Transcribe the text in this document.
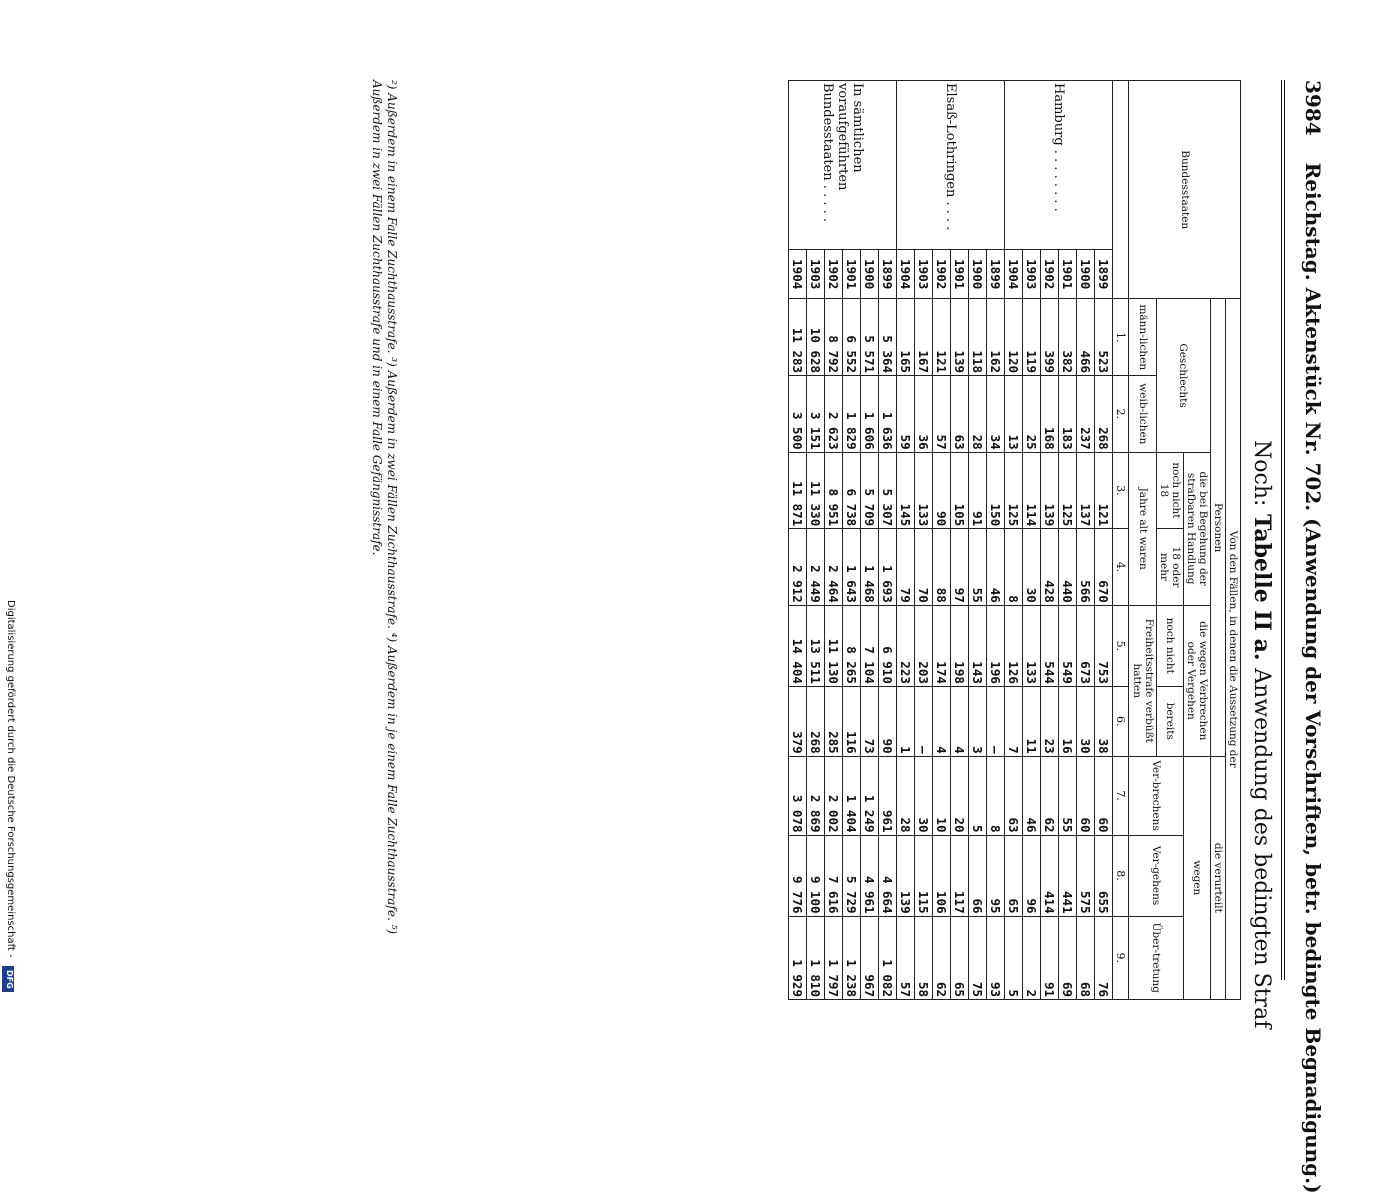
3984 Reichstag. Aktenstück Nr. 702. (Anwendung der Vorschriften, betr. bedingte Begnadigung.)
Noch: Tabelle II a. Anwendung des bedingten Straf
Bundesstaaten		Von den Fällen, in denen die Aussetzung der								
		Personen						die verurteilt		
		Geschlechts		die bei Begehung der strafbaren Handlung		die wegen Verbrechen oder Vergehen		wegen		
				noch nicht 18	18 oder mehr	noch nicht	bereits	Ver-brechens	Ver-gehens	Über-tretung
		männ-lichen	weib-lichen	Jahre alt waren		Freiheitsstrafe verbüßt hatten				
		1.	2.	3.	4.	5.	6.	7.	8.	9.
Hamburg . . . . . . . .	1899	523	268	121	670	753	38	60	655	76
	1900	466	237	137	566	673	30	60	575	68
	1901	382	183	125	440	549	16	55	441	69
	1902	399	168	139	428	544	23	62	414	91
	1903	119	25	114	30	133	11	46	96	2
	1904	120	13	125	8	126	7	63	65	5
Elsaß-Lothringen . . . .	1899	162	34	150	46	196	—	8	95	93
	1900	118	28	91	55	143	3	5	66	75
	1901	139	63	105	97	198	4	20	117	65
	1902	121	57	90	88	174	4	10	106	62
	1903	167	36	133	70	203	—	30	115	58
	1904	165	59	145	79	223	1	28	139	57
In sämtlichen voraufgeführten Bundesstaaten . . . . .	1899	5 364	1 636	5 307	1 693	6 910	90	961	4 664	1 082
	1900	5 571	1 606	5 709	1 468	7 104	73	1 249	4 961	967
	1901	6 552	1 829	6 738	1 643	8 265	116	1 404	5 729	1 238
	1902	8 792	2 623	8 951	2 464	11 130	285	2 002	7 616	1 797
	1903	10 628	3 151	11 330	2 449	13 511	268	2 869	9 100	1 810
	1904	11 283	3 500	11 871	2 912	14 404	379	3 078	9 776	1 929
²) Außerdem in einem Falle Zuchthausstrafe. ³) Außerdem in zwei Fällen Zuchthausstrafe. ⁴) Außerdem in je einem Falle Zuchthausstrafe. ⁵) Außerdem in zwei Fällen Zuchthausstrafe und in einem Falle Gefängnisstrafe.
Digitalisierung gefördert durch die Deutsche Forschungsgemeinschaft -
DFG
